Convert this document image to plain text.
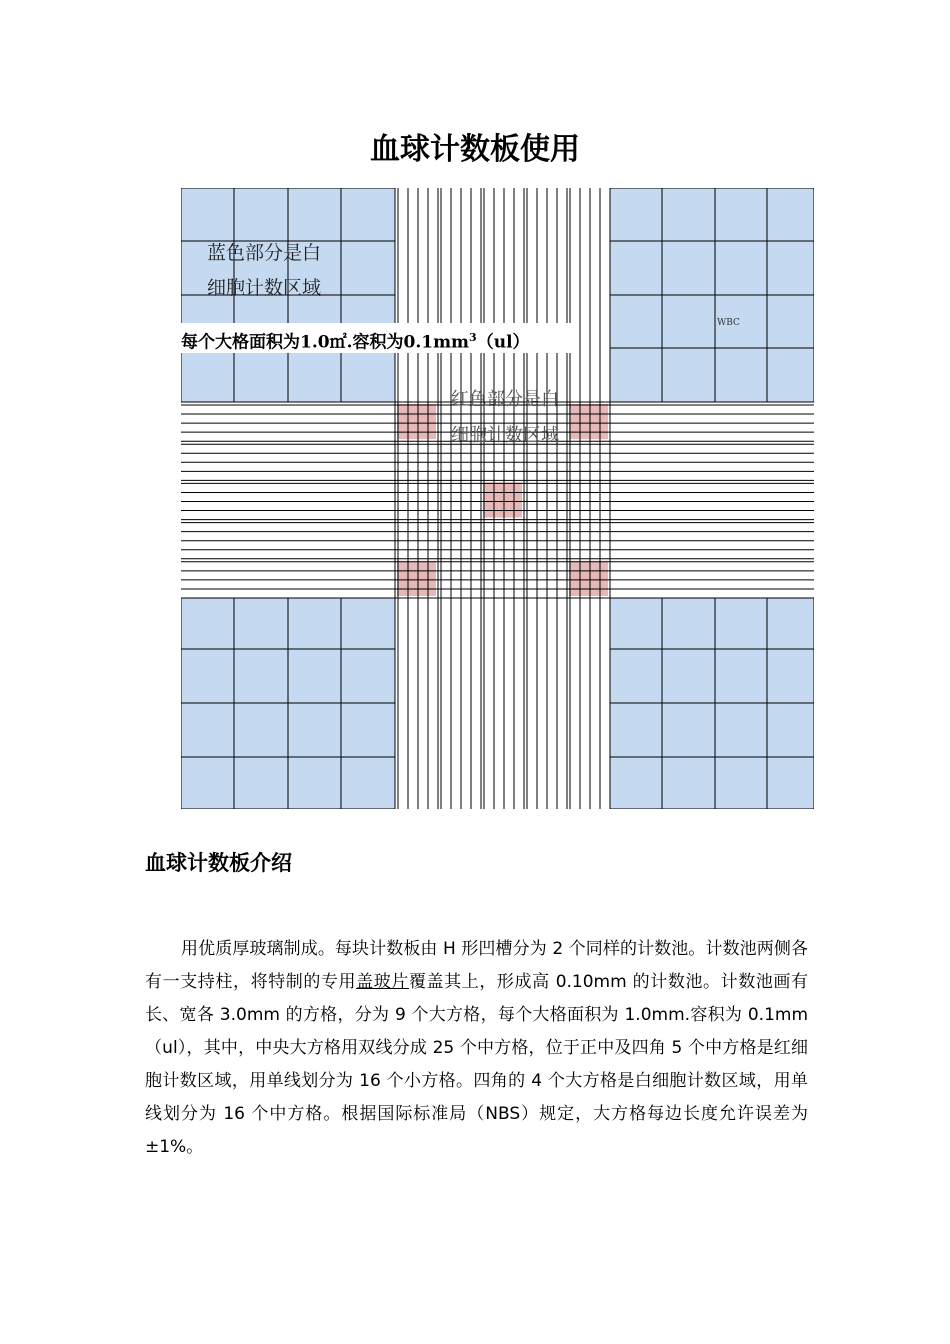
血球计数板使用
蓝色部分是白
细胞计数区域
每个大格面积为1.0㎡.容积为$0.1mm^3(ul)$
WBC
红色部分是白
细胞计数区域
血球计数板介绍

用优质厚玻璃制成。每块计数板由 H 形凹槽分为 2 个同样的计数池。计数池两侧各有一支持柱，将特制的专用盖玻片覆盖其上，形成高 0.10mm 的计数池。计数池画有长、宽各 3.0mm 的方格，分为 9 个大方格，每个大格面积为 1.0mm.容积为 0.1mm（ul），其中，中央大方格用双线分成 25 个中方格，位于正中及四角 5 个中方格是红细胞计数区域，用单线划分为 16 个小方格。四角的 4 个大方格是白细胞计数区域，用单线划分为 16 个中方格。根据国际标准局（NBS）规定，大方格每边长度允许误差为±1%。
